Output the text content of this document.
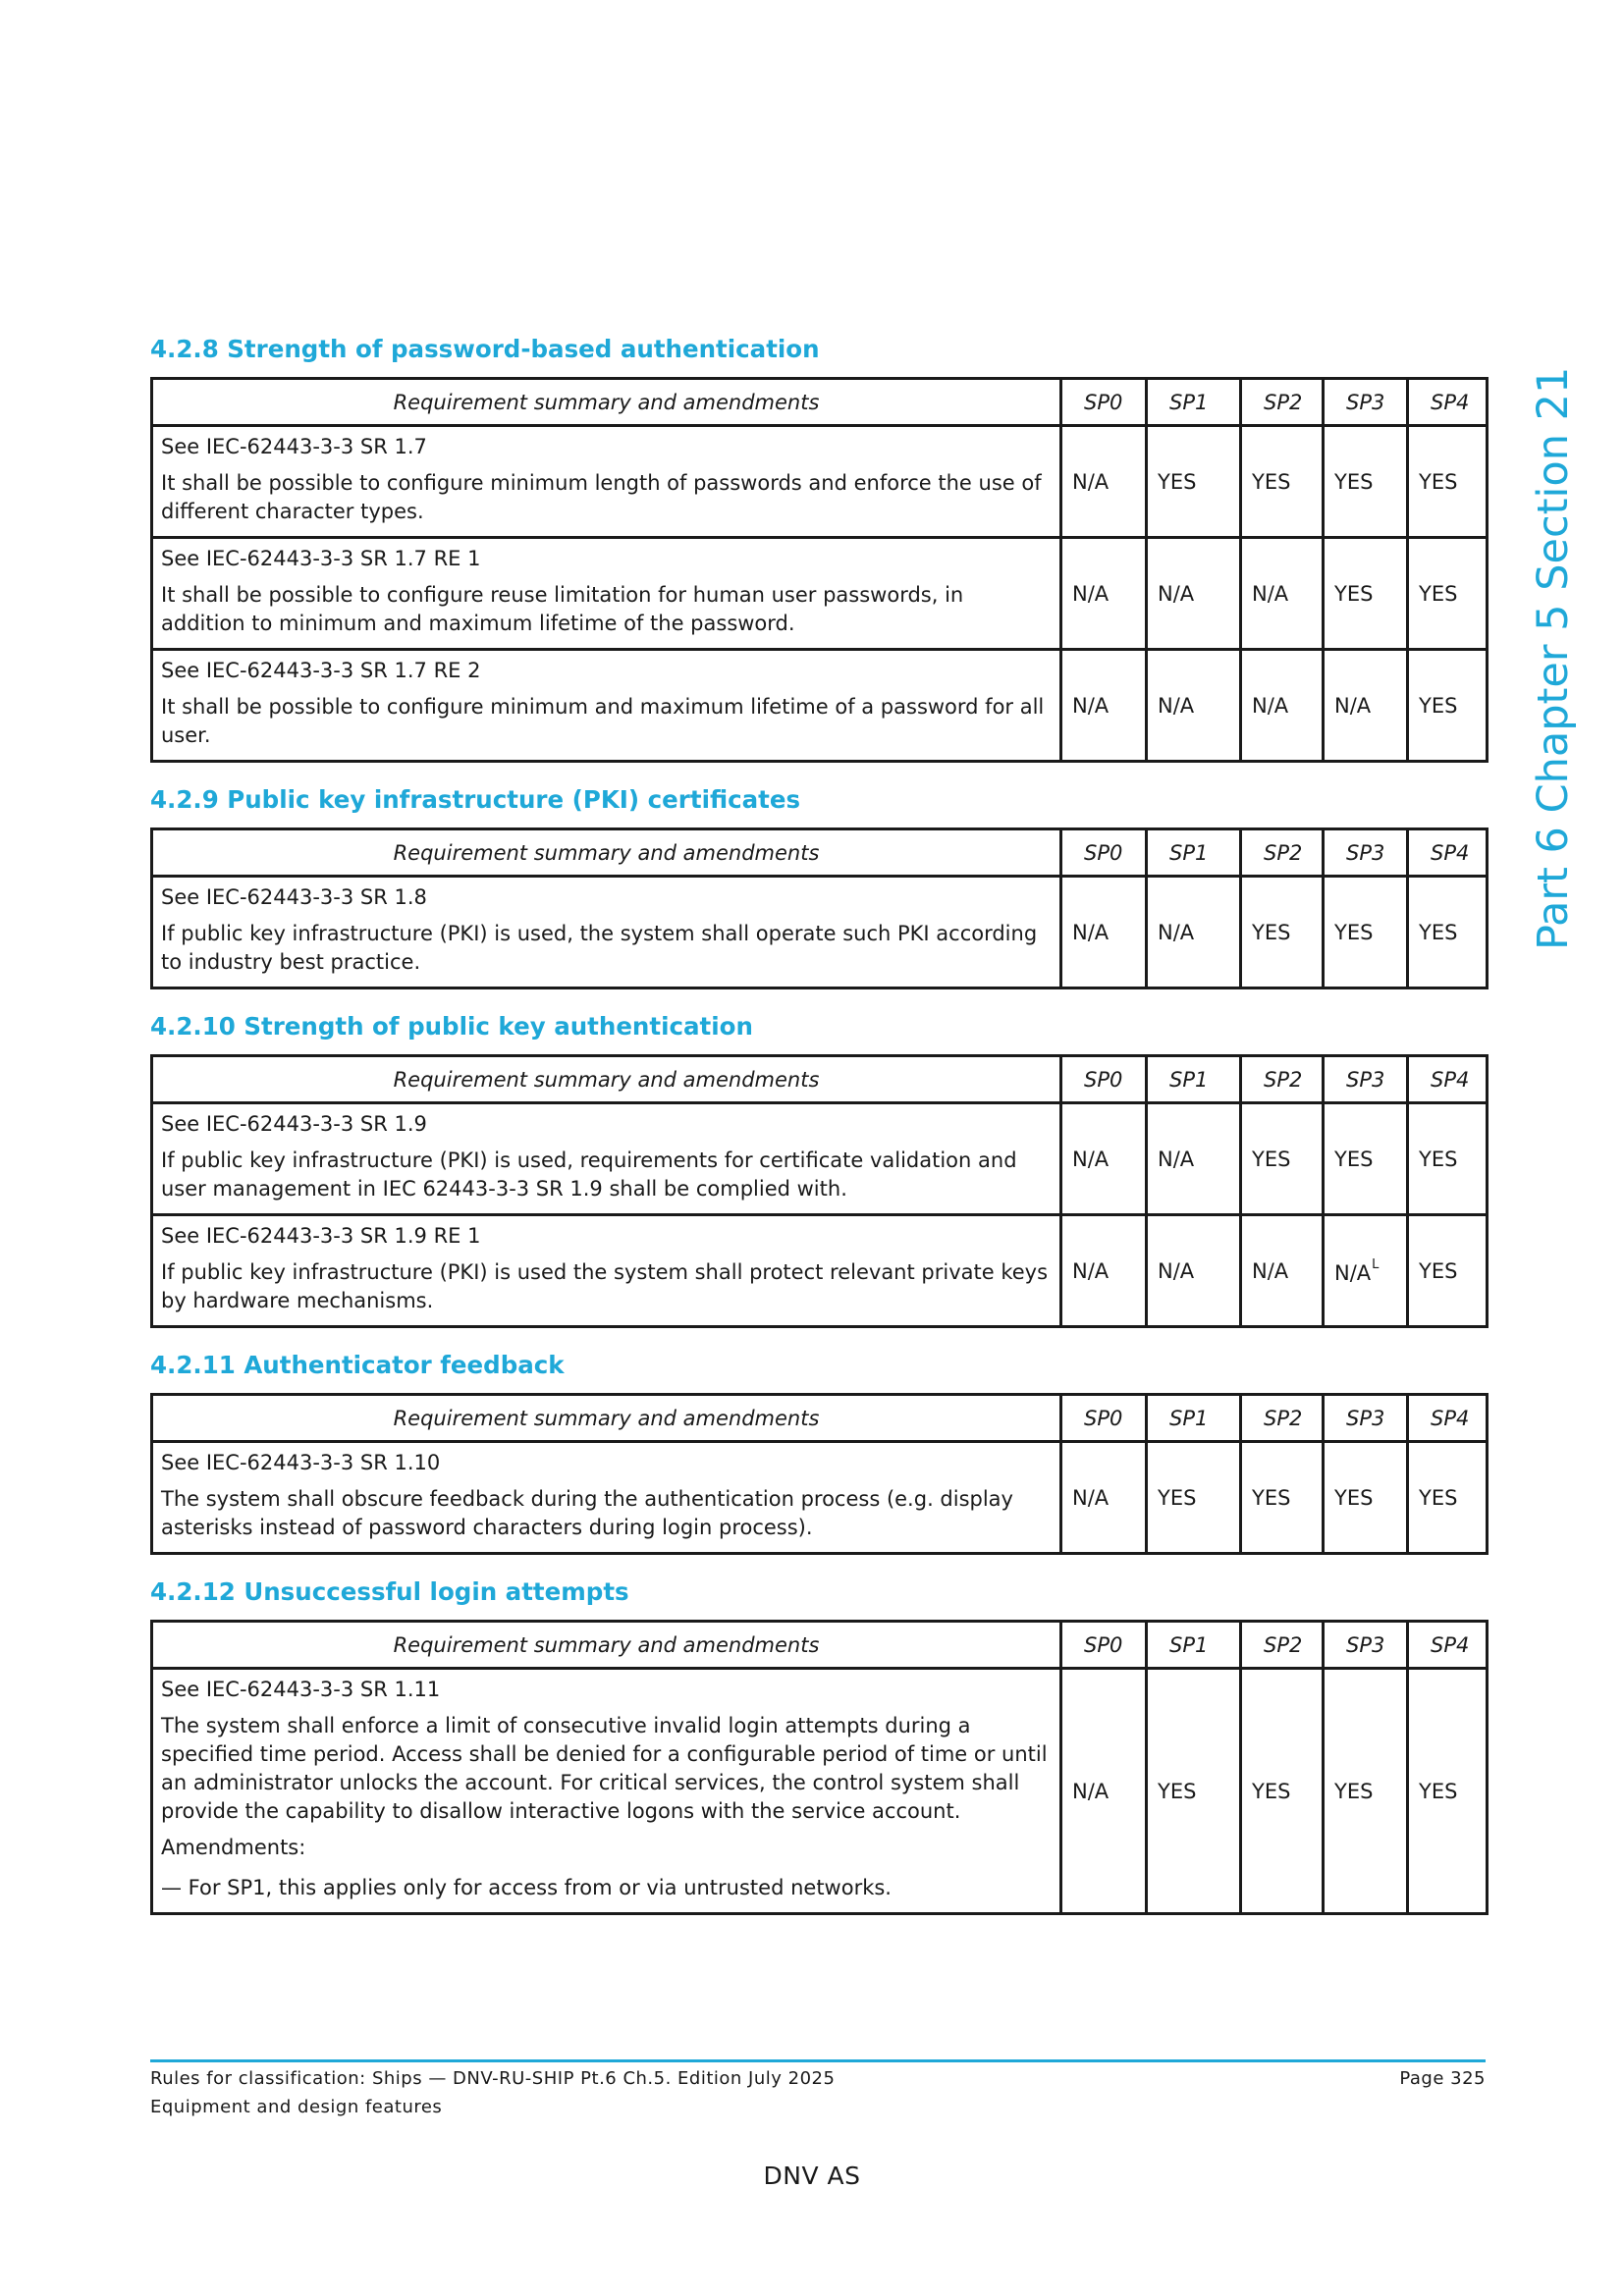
Part 6 Chapter 5 Section 21
4.2.8 Strength of password-based authentication
Requirement summary and amendments	SP0	SP1	SP2	SP3	SP4

See IEC-62443-3-3 SR 1.7

It shall be possible to configure minimum length of passwords and enforce the use of different character types.	N/A	YES	YES	YES	YES

See IEC-62443-3-3 SR 1.7 RE 1

It shall be possible to configure reuse limitation for human user passwords, in addition to minimum and maximum lifetime of the password.	N/A	N/A	N/A	YES	YES

See IEC-62443-3-3 SR 1.7 RE 2

It shall be possible to configure minimum and maximum lifetime of a password for all user.	N/A	N/A	N/A	N/A	YES
4.2.9 Public key infrastructure (PKI) certificates
Requirement summary and amendments	SP0	SP1	SP2	SP3	SP4

See IEC-62443-3-3 SR 1.8

If public key infrastructure (PKI) is used, the system shall operate such PKI according to industry best practice.	N/A	N/A	YES	YES	YES
4.2.10 Strength of public key authentication
Requirement summary and amendments	SP0	SP1	SP2	SP3	SP4

See IEC-62443-3-3 SR 1.9

If public key infrastructure (PKI) is used, requirements for certificate validation and user management in IEC 62443-3-3 SR 1.9 shall be complied with.	N/A	N/A	YES	YES	YES

See IEC-62443-3-3 SR 1.9 RE 1

If public key infrastructure (PKI) is used the system shall protect relevant private keys by hardware mechanisms.	N/A	N/A	N/A	$N/A^L$	YES
4.2.11 Authenticator feedback
Requirement summary and amendments	SP0	SP1	SP2	SP3	SP4

See IEC-62443-3-3 SR 1.10

The system shall obscure feedback during the authentication process (e.g. display asterisks instead of password characters during login process).	N/A	YES	YES	YES	YES
4.2.12 Unsuccessful login attempts
Requirement summary and amendments	SP0	SP1	SP2	SP3	SP4

See IEC-62443-3-3 SR 1.11

The system shall enforce a limit of consecutive invalid login attempts during a specified time period. Access shall be denied for a configurable period of time or until an administrator unlocks the account. For critical services, the control system shall provide the capability to disallow interactive logons with the service account.

Amendments:

— For SP1, this applies only for access from or via untrusted networks.	N/A	YES	YES	YES	YES
Rules for classification: Ships — DNV-RU-SHIP Pt.6 Ch.5. Edition July 2025
Equipment and design features
Page 325
DNV AS
